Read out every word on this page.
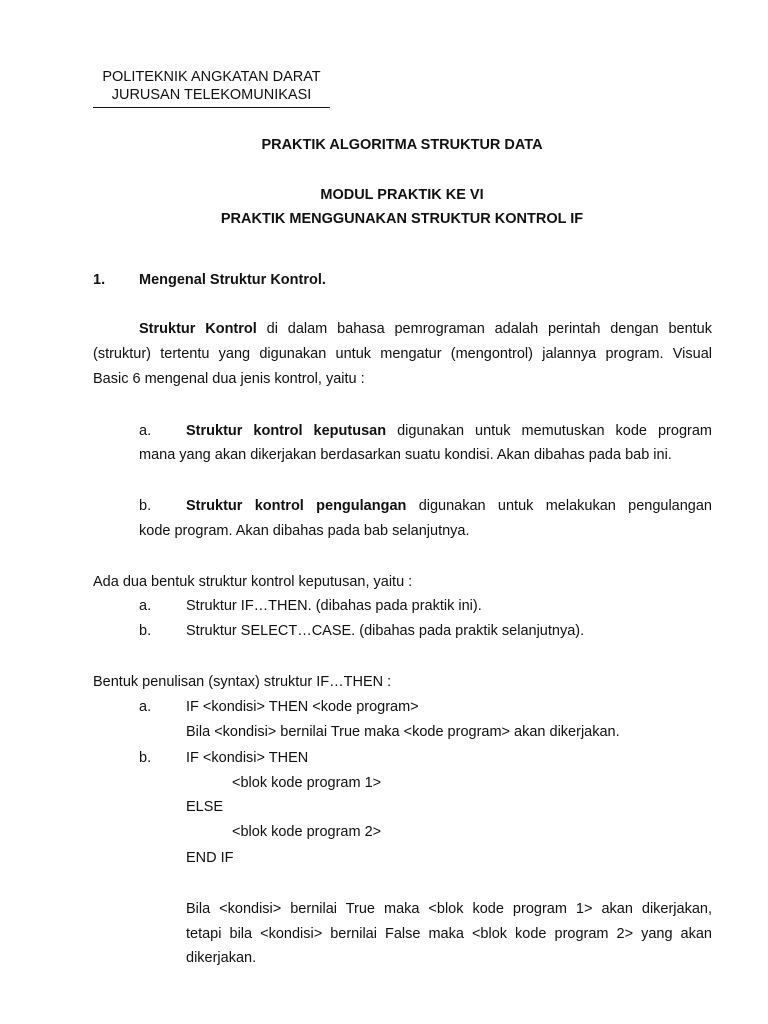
POLITEKNIK ANGKATAN DARAT
JURUSAN TELEKOMUNIKASI
PRAKTIK ALGORITMA STRUKTUR DATA
MODUL PRAKTIK KE VI
PRAKTIK MENGGUNAKAN STRUKTUR KONTROL IF
1. Mengenal Struktur Kontrol.
Struktur Kontrol di dalam bahasa pemrograman adalah perintah dengan bentuk
(struktur) tertentu yang digunakan untuk mengatur (mengontrol) jalannya program. Visual
Basic 6 mengenal dua jenis kontrol, yaitu :
a. Struktur kontrol keputusan digunakan untuk memutuskan kode program
mana yang akan dikerjakan berdasarkan suatu kondisi. Akan dibahas pada bab ini.
b. Struktur kontrol pengulangan digunakan untuk melakukan pengulangan
kode program. Akan dibahas pada bab selanjutnya.
Ada dua bentuk struktur kontrol keputusan, yaitu :
a. Struktur IF…THEN. (dibahas pada praktik ini).
b. Struktur SELECT…CASE. (dibahas pada praktik selanjutnya).
Bentuk penulisan (syntax) struktur IF…THEN :
a. IF <kondisi> THEN <kode program>
Bila <kondisi> bernilai True maka <kode program> akan dikerjakan.
b. IF <kondisi> THEN
<blok kode program 1>
ELSE
<blok kode program 2>
END IF
Bila <kondisi> bernilai True maka <blok kode program 1> akan dikerjakan,
tetapi bila <kondisi> bernilai False maka <blok kode program 2> yang akan
dikerjakan.
